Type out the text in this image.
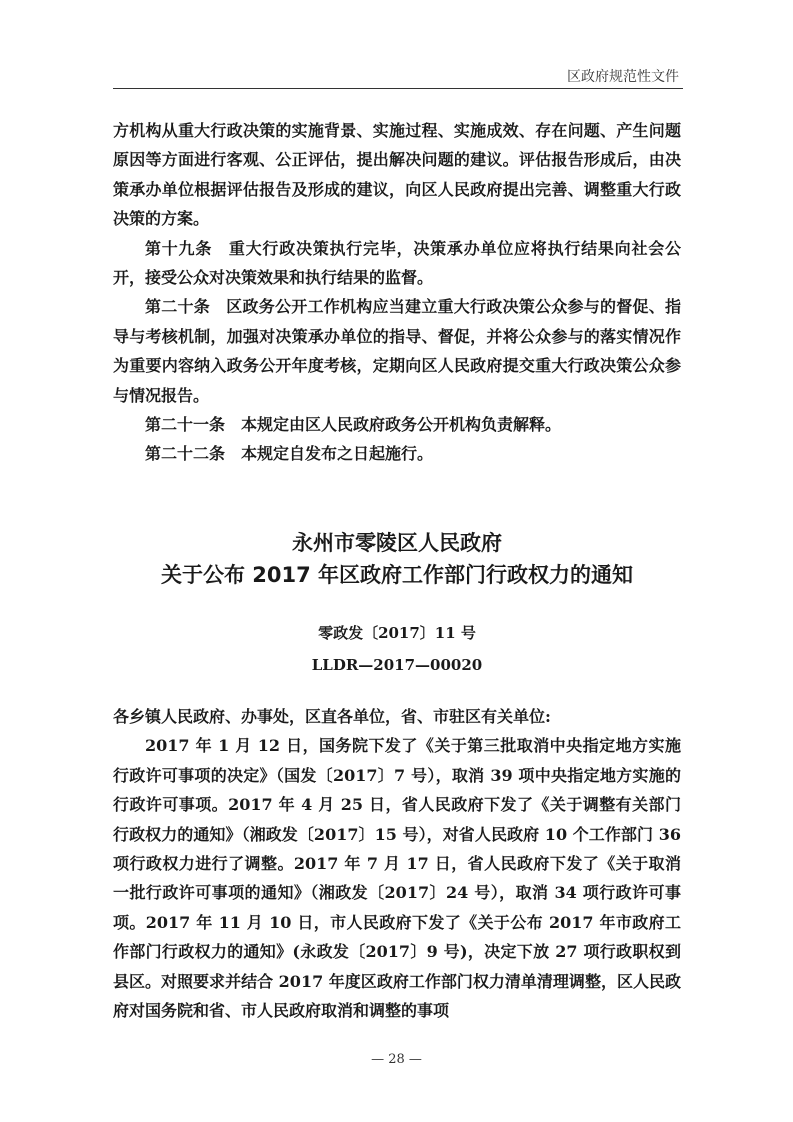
区政府规范性文件

方机构从重大行政决策的实施背景、实施过程、实施成效、存在问题、产生问题原因等方面进行客观、公正评估，提出解决问题的建议。评估报告形成后，由决策承办单位根据评估报告及形成的建议，向区人民政府提出完善、调整重大行政决策的方案。

第十九条　重大行政决策执行完毕，决策承办单位应将执行结果向社会公开，接受公众对决策效果和执行结果的监督。

第二十条　区政务公开工作机构应当建立重大行政决策公众参与的督促、指导与考核机制，加强对决策承办单位的指导、督促，并将公众参与的落实情况作为重要内容纳入政务公开年度考核，定期向区人民政府提交重大行政决策公众参与情况报告。

第二十一条　本规定由区人民政府政务公开机构负责解释。

第二十二条　本规定自发布之日起施行。

永州市零陵区人民政府
关于公布 2017 年区政府工作部门行政权力的通知
零政发〔2017〕11 号
LLDR—2017—00020

各乡镇人民政府、办事处，区直各单位，省、市驻区有关单位:

2017 年 1 月 12 日，国务院下发了《关于第三批取消中央指定地方实施行政许可事项的决定》（国发〔2017〕7 号），取消 39 项中央指定地方实施的行政许可事项。2017 年 4 月 25 日，省人民政府下发了《关于调整有关部门行政权力的通知》（湘政发〔2017〕15 号），对省人民政府 10 个工作部门 36 项行政权力进行了调整。2017 年 7 月 17 日，省人民政府下发了《关于取消一批行政许可事项的通知》（湘政发〔2017〕24 号），取消 34 项行政许可事项。2017 年 11 月 10 日，市人民政府下发了《关于公布 2017 年市政府工作部门行政权力的通知》(永政发〔2017〕9 号)，决定下放 27 项行政职权到县区。对照要求并结合 2017 年度区政府工作部门权力清单清理调整，区人民政府对国务院和省、市人民政府取消和调整的事项

— 28 —
